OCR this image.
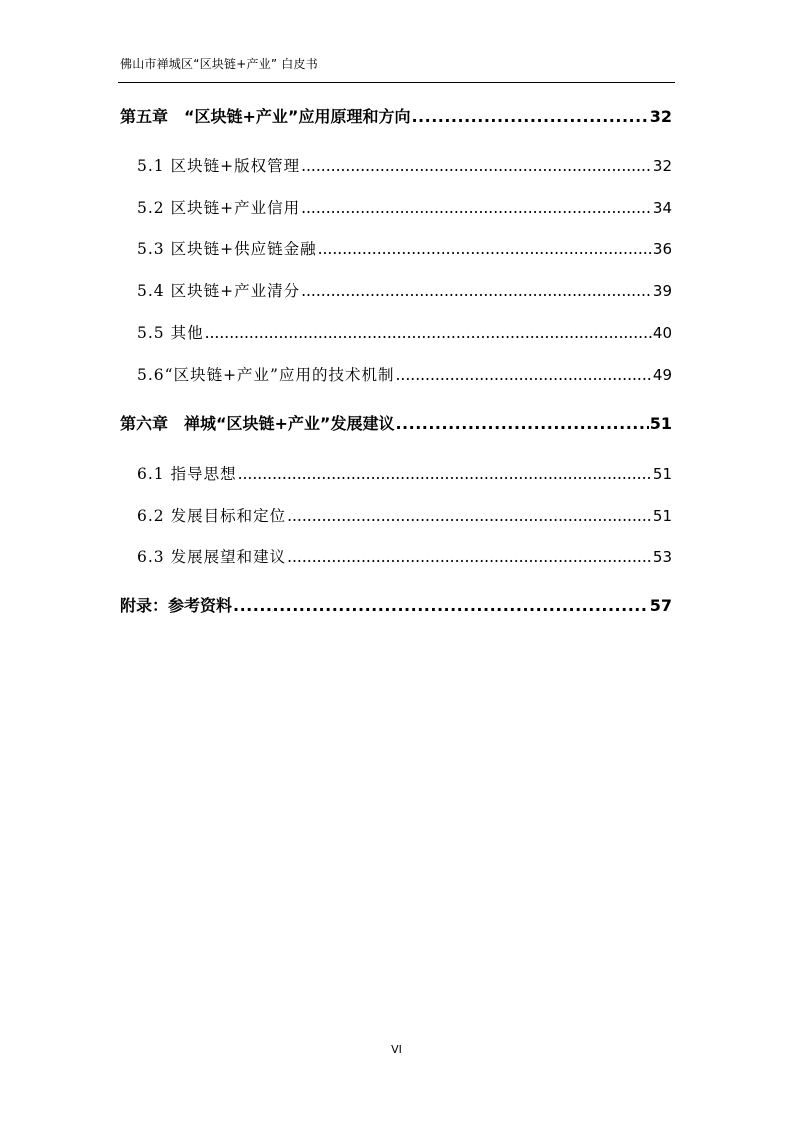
佛山市禅城区“区块链+产业” 白皮书
第五章　“区块链+产业”应用原理和方向 .....	32
5.1 区块链+版权管理 .....	32
5.2 区块链+产业信用 .....	34
5.3 区块链+供应链金融 .....	36
5.4 区块链+产业清分 .....	39
5.5 其他 .....	40
5.6“区块链+产业”应用的技术机制 .....	49
第六章　禅城“区块链+产业”发展建议 .....	51
6.1 指导思想 .....	51
6.2 发展目标和定位 .....	51
6.3 发展展望和建议 .....	53
附录：参考资料 .....	57
VI
